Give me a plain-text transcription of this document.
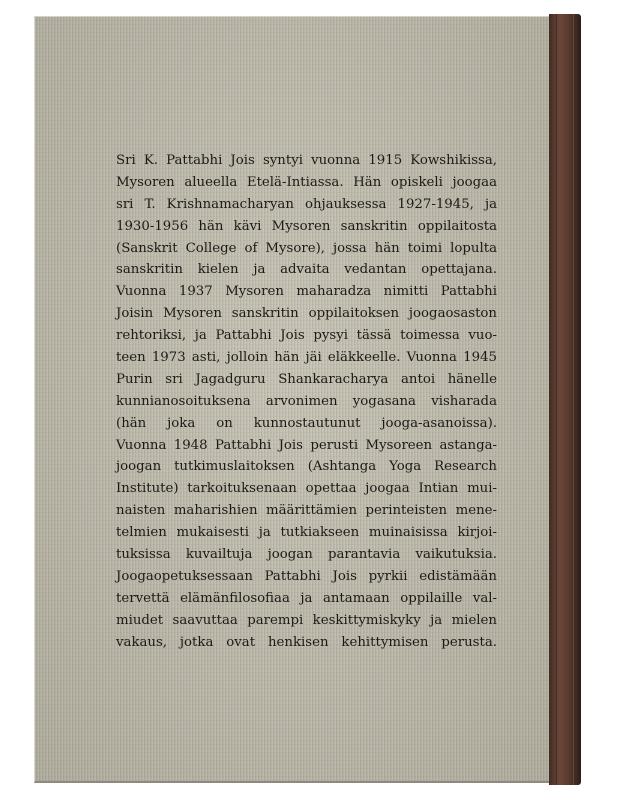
Sri K. Pattabhi Jois syntyi vuonna 1915 Kowshikissa,
Mysoren alueella Etelä-Intiassa. Hän opiskeli joogaa
sri T. Krishnamacharyan ohjauksessa 1927-1945, ja
1930-1956 hän kävi Mysoren sanskritin oppilaitosta
(Sanskrit College of Mysore), jossa hän toimi lopulta
sanskritin kielen ja advaita vedantan opettajana.
Vuonna 1937 Mysoren maharadza nimitti Pattabhi
Joisin Mysoren sanskritin oppilaitoksen joogaosaston
rehtoriksi, ja Pattabhi Jois pysyi tässä toimessa vuo-
teen 1973 asti, jolloin hän jäi eläkkeelle. Vuonna 1945
Purin sri Jagadguru Shankaracharya antoi hänelle
kunnianosoituksena arvonimen yogasana visharada
(hän joka on kunnostautunut jooga-asanoissa).
Vuonna 1948 Pattabhi Jois perusti Mysoreen astanga-
joogan tutkimuslaitoksen (Ashtanga Yoga Research
Institute) tarkoituksenaan opettaa joogaa Intian mui-
naisten maharishien määrittämien perinteisten mene-
telmien mukaisesti ja tutkiakseen muinaisissa kirjoi-
tuksissa kuvailtuja joogan parantavia vaikutuksia.
Joogaopetuksessaan Pattabhi Jois pyrkii edistämään
tervettä elämänfilosofiaa ja antamaan oppilaille val-
miudet saavuttaa parempi keskittymiskyky ja mielen
vakaus, jotka ovat henkisen kehittymisen perusta.
